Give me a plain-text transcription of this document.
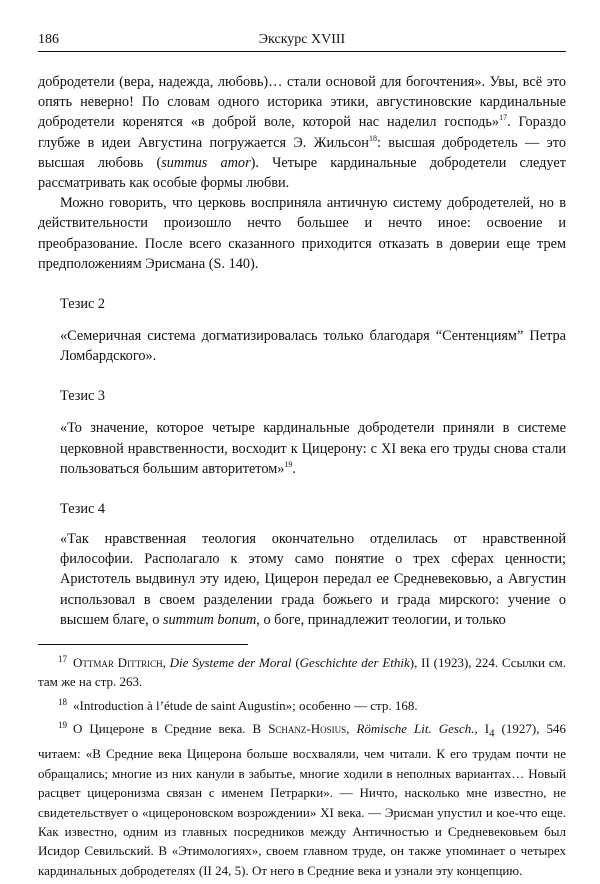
186	Экскурс XVIII

добродетели (вера, надежда, любовь)… стали основой для богочтения». Увы, всё это опять неверно! По словам одного историка этики, августиновские кардинальные добродетели коренятся «в доброй воле, которой нас наделил господь»$^{17}$. Гораздо глубже в идеи Августина погружается Э. Жильсон$^{18}$: высшая добродетель — это высшая любовь (summus amor). Четыре кардинальные добродетели следует рассматривать как особые формы любви.

Можно говорить, что церковь восприняла античную систему добродетелей, но в действительности произошло нечто большее и нечто иное: освоение и преобразование. После всего сказанного приходится отказать в доверии еще трем предположениям Эрисмана (S. 140).

Тезис 2
«Семеричная система догматизировалась только благодаря “Сентенциям” Петра Ломбардского».
Тезис 3
«То значение, которое четыре кардинальные добродетели приняли в системе церковной нравственности, восходит к Цицерону: с XI века его труды снова стали пользоваться большим авторитетом»$^{19}$.
Тезис 4
«Так нравственная теология окончательно отделилась от нравственной философии. Располагало к этому само понятие о трех сферах ценности; Аристотель выдвинул эту идею, Цицерон передал ее Средневековью, а Августин использовал в своем разделении града божьего и града мирского: учение о высшем благе, о summum bonum, о боге, принадлежит теологии, и только

$^{17}$ Ottmar Dittrich, Die Systeme der Moral (Geschichte der Ethik), II (1923), 224. Ссылки см. там же на стр. 263.

$^{18}$ «Introduction à l’étude de saint Augustin»; особенно — стр. 168.

$^{19}$ О Цицероне в Средние века. В Schanz-Hosius, Römische Lit. Gesch., $I_4$ (1927), 546 читаем: «В Средние века Цицерона больше восхваляли, чем читали. К его трудам почти не обращались; многие из них канули в забытье, многие ходили в неполных вариантах… Новый расцвет цицеронизма связан с именем Петрарки». — Ничто, насколько мне известно, не свидетельствует о «цицероновском возрождении» XI века. — Эрисман упустил и кое-что еще. Как известно, одним из главных посредников между Античностью и Средневековьем был Исидор Севильский. В «Этимологиях», своем главном труде, он также упоминает о четырех кардинальных добродетелях (II 24, 5). От него в Средние века и узнали эту концепцию.
